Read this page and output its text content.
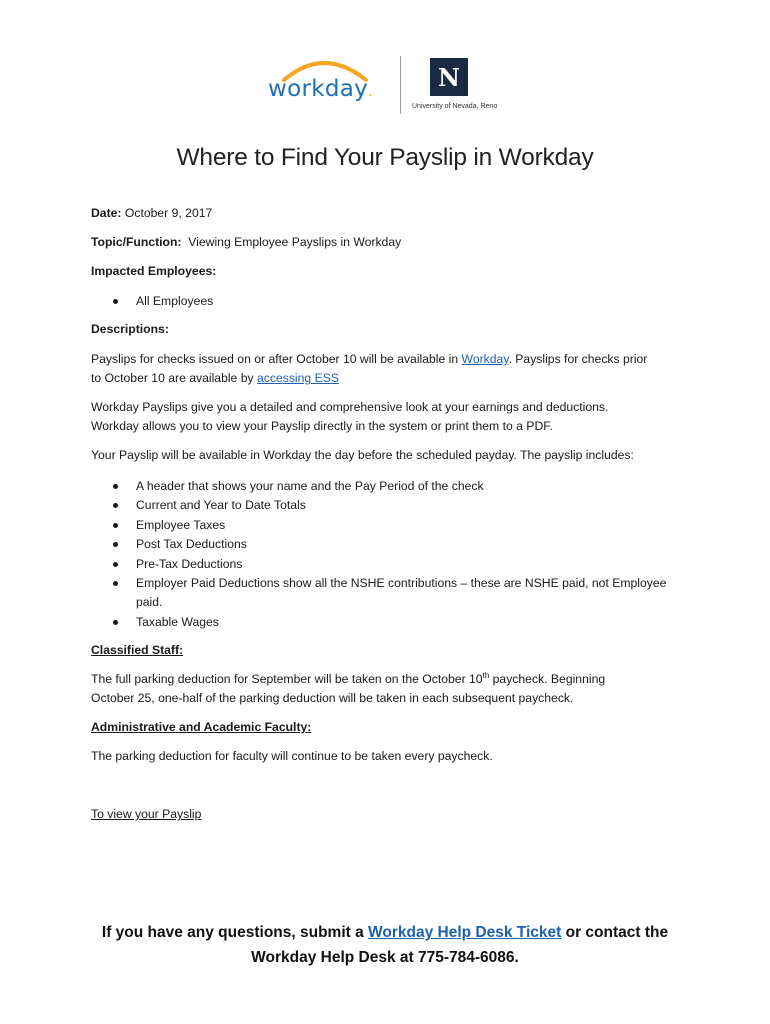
workday.
N
University of Nevada, Reno
Where to Find Your Payslip in Workday
Date: October 9, 2017
Topic/Function: Viewing Employee Payslips in Workday
Impacted Employees:
All Employees
Descriptions:
Payslips for checks issued on or after October 10 will be available in Workday. Payslips for checks prior
to October 10 are available by accessing ESS
Workday Payslips give you a detailed and comprehensive look at your earnings and deductions.
Workday allows you to view your Payslip directly in the system or print them to a PDF.
Your Payslip will be available in Workday the day before the scheduled payday. The payslip includes:
A header that shows your name and the Pay Period of the check
Current and Year to Date Totals
Employee Taxes
Post Tax Deductions
Pre-Tax Deductions
Employer Paid Deductions show all the NSHE contributions – these are NSHE paid, not Employee
paid.
Taxable Wages
Classified Staff:
The full parking deduction for September will be taken on the October 10th paycheck. Beginning
October 25, one-half of the parking deduction will be taken in each subsequent paycheck.
Administrative and Academic Faculty:
The parking deduction for faculty will continue to be taken every paycheck.
To view your Payslip
If you have any questions, submit a Workday Help Desk Ticket or contact the
Workday Help Desk at 775-784-6086.
